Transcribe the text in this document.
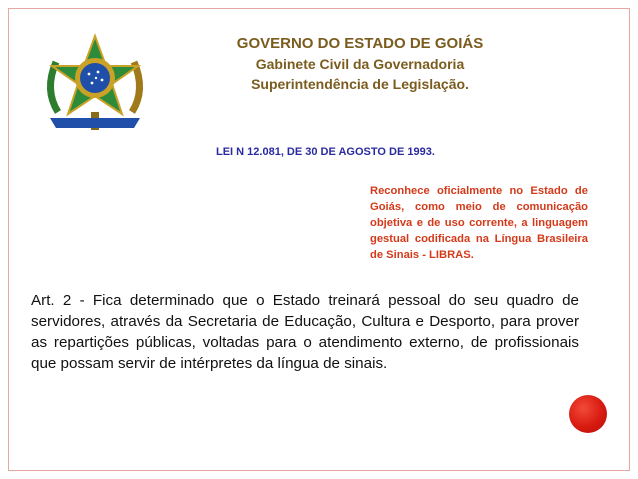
GOVERNO DO ESTADO DE GOIÁS
Gabinete Civil da Governadoria
Superintendência de Legislação.
LEI N 12.081, DE 30 DE AGOSTO DE 1993.
Reconhece oficialmente no Estado de Goiás, como meio de comunicação objetiva e de uso corrente, a linguagem gestual codificada na Língua Brasileira de Sinais - LIBRAS.
Art. 2 - Fica determinado que o Estado treinará pessoal do seu quadro de servidores, através da Secretaria de Educação, Cultura e Desporto, para prover as repartições públicas, voltadas para o atendimento externo, de profissionais que possam servir de intérpretes da língua de sinais.
